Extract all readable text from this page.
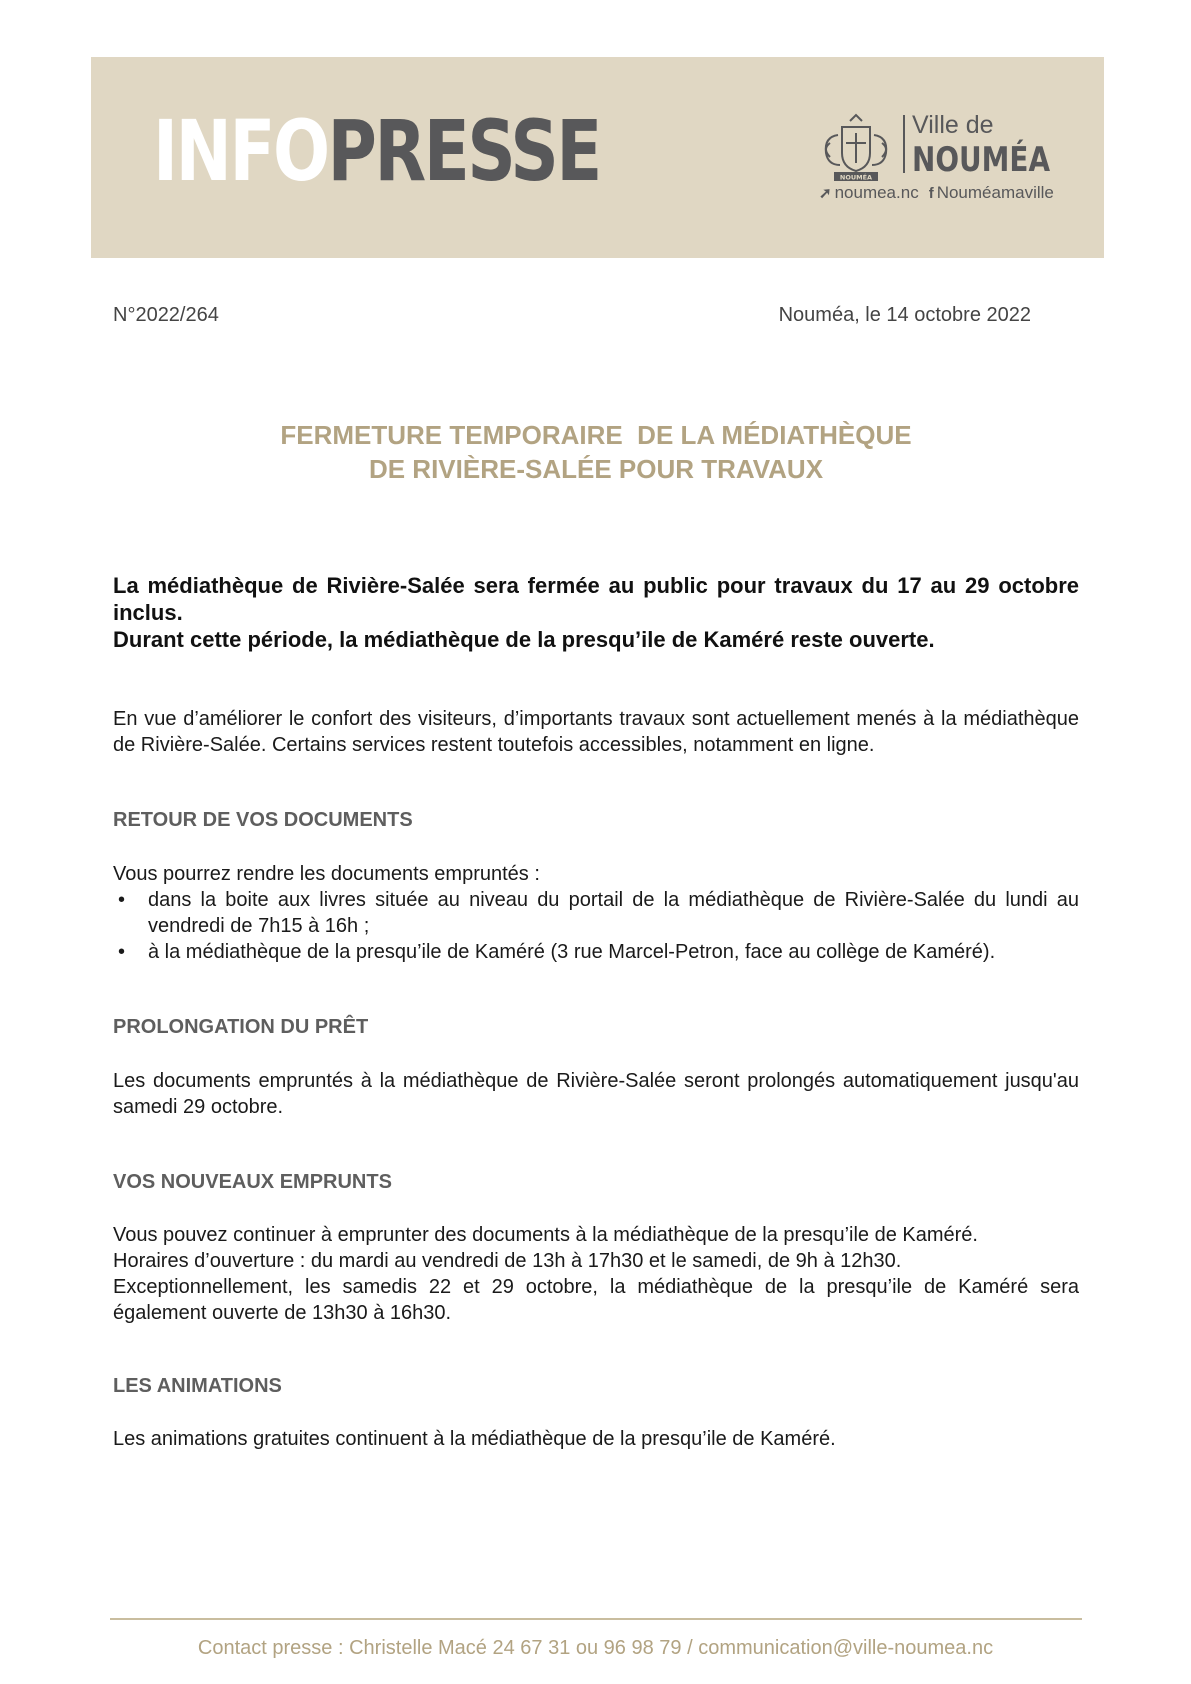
INFOPRESSE	NOUMÉA
Ville de
NOUMÉA
➚ noumea.nc f Nouméamaville
N°2022/264	Nouméa, le 14 octobre 2022
FERMETURE TEMPORAIRE  DE LA MÉDIATHÈQUE
DE RIVIÈRE-SALÉE POUR TRAVAUX

La médiathèque de Rivière-Salée sera fermée au public pour travaux du 17 au 29 octobre inclus.

Durant cette période, la médiathèque de la presqu’ile de Kaméré reste ouverte.

En vue d’améliorer le confort des visiteurs, d’importants travaux sont actuellement menés à la médiathèque de Rivière-Salée. Certains services restent toutefois accessibles, notamment en ligne.

RETOUR DE VOS DOCUMENTS

Vous pourrez rendre les documents empruntés :

• dans la boite aux livres située au niveau du portail de la médiathèque de Rivière-Salée du lundi au vendredi de 7h15 à 16h ;
• à la médiathèque de la presqu’ile de Kaméré (3 rue Marcel-Petron, face au collège de Kaméré).
PROLONGATION DU PRÊT

Les documents empruntés à la médiathèque de Rivière-Salée seront prolongés automatiquement jusqu'au samedi 29 octobre.

VOS NOUVEAUX EMPRUNTS

Vous pouvez continuer à emprunter des documents à la médiathèque de la presqu’ile de Kaméré.

Horaires d’ouverture : du mardi au vendredi de 13h à 17h30 et le samedi, de 9h à 12h30.

Exceptionnellement, les samedis 22 et 29 octobre, la médiathèque de la presqu’ile de Kaméré sera également ouverte de 13h30 à 16h30.

LES ANIMATIONS

Les animations gratuites continuent à la médiathèque de la presqu’ile de Kaméré.

Contact presse : Christelle Macé 24 67 31 ou 96 98 79 / communication@ville-noumea.nc
